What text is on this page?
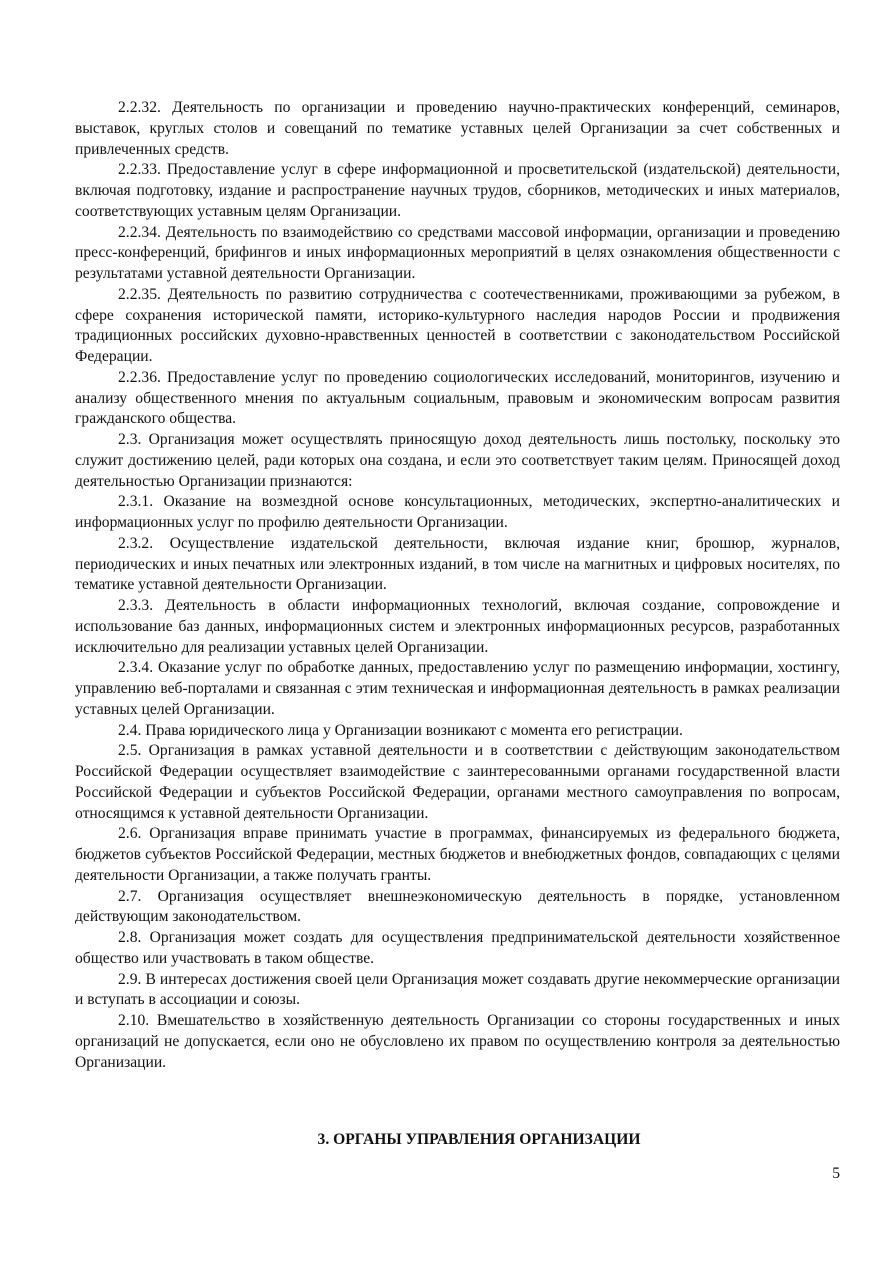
2.2.32. Деятельность по организации и проведению научно-практических конференций, семинаров, выставок, круглых столов и совещаний по тематике уставных целей Организации за счет собственных и привлеченных средств.

2.2.33. Предоставление услуг в сфере информационной и просветительской (издательской) деятельности, включая подготовку, издание и распространение научных трудов, сборников, методических и иных материалов, соответствующих уставным целям Организации.

2.2.34. Деятельность по взаимодействию со средствами массовой информации, организации и проведению пресс-конференций, брифингов и иных информационных мероприятий в целях ознакомления общественности с результатами уставной деятельности Организации.

2.2.35. Деятельность по развитию сотрудничества с соотечественниками, проживающими за рубежом, в сфере сохранения исторической памяти, историко-культурного наследия народов России и продвижения традиционных российских духовно-нравственных ценностей в соответствии с законодательством Российской Федерации.

2.2.36. Предоставление услуг по проведению социологических исследований, мониторингов, изучению и анализу общественного мнения по актуальным социальным, правовым и экономическим вопросам развития гражданского общества.

2.3. Организация может осуществлять приносящую доход деятельность лишь постольку, поскольку это служит достижению целей, ради которых она создана, и если это соответствует таким целям. Приносящей доход деятельностью Организации признаются:

2.3.1. Оказание на возмездной основе консультационных, методических, экспертно-аналитических и информационных услуг по профилю деятельности Организации.

2.3.2. Осуществление издательской деятельности, включая издание книг, брошюр, журналов, периодических и иных печатных или электронных изданий, в том числе на магнитных и цифровых носителях, по тематике уставной деятельности Организации.

2.3.3. Деятельность в области информационных технологий, включая создание, сопровождение и использование баз данных, информационных систем и электронных информационных ресурсов, разработанных исключительно для реализации уставных целей Организации.

2.3.4. Оказание услуг по обработке данных, предоставлению услуг по размещению информации, хостингу, управлению веб-порталами и связанная с этим техническая и информационная деятельность в рамках реализации уставных целей Организации.

2.4. Права юридического лица у Организации возникают с момента его регистрации.

2.5. Организация в рамках уставной деятельности и в соответствии с действующим законодательством Российской Федерации осуществляет взаимодействие с заинтересованными органами государственной власти Российской Федерации и субъектов Российской Федерации, органами местного самоуправления по вопросам, относящимся к уставной деятельности Организации.

2.6. Организация вправе принимать участие в программах, финансируемых из федерального бюджета, бюджетов субъектов Российской Федерации, местных бюджетов и внебюджетных фондов, совпадающих с целями деятельности Организации, а также получать гранты.

2.7. Организация осуществляет внешнеэкономическую деятельность в порядке, установленном действующим законодательством.

2.8. Организация может создать для осуществления предпринимательской деятельности хозяйственное общество или участвовать в таком обществе.

2.9. В интересах достижения своей цели Организация может создавать другие некоммерческие организации и вступать в ассоциации и союзы.

2.10. Вмешательство в хозяйственную деятельность Организации со стороны государственных и иных организаций не допускается, если оно не обусловлено их правом по осуществлению контроля за деятельностью Организации.

3. ОРГАНЫ УПРАВЛЕНИЯ ОРГАНИЗАЦИИ
5
